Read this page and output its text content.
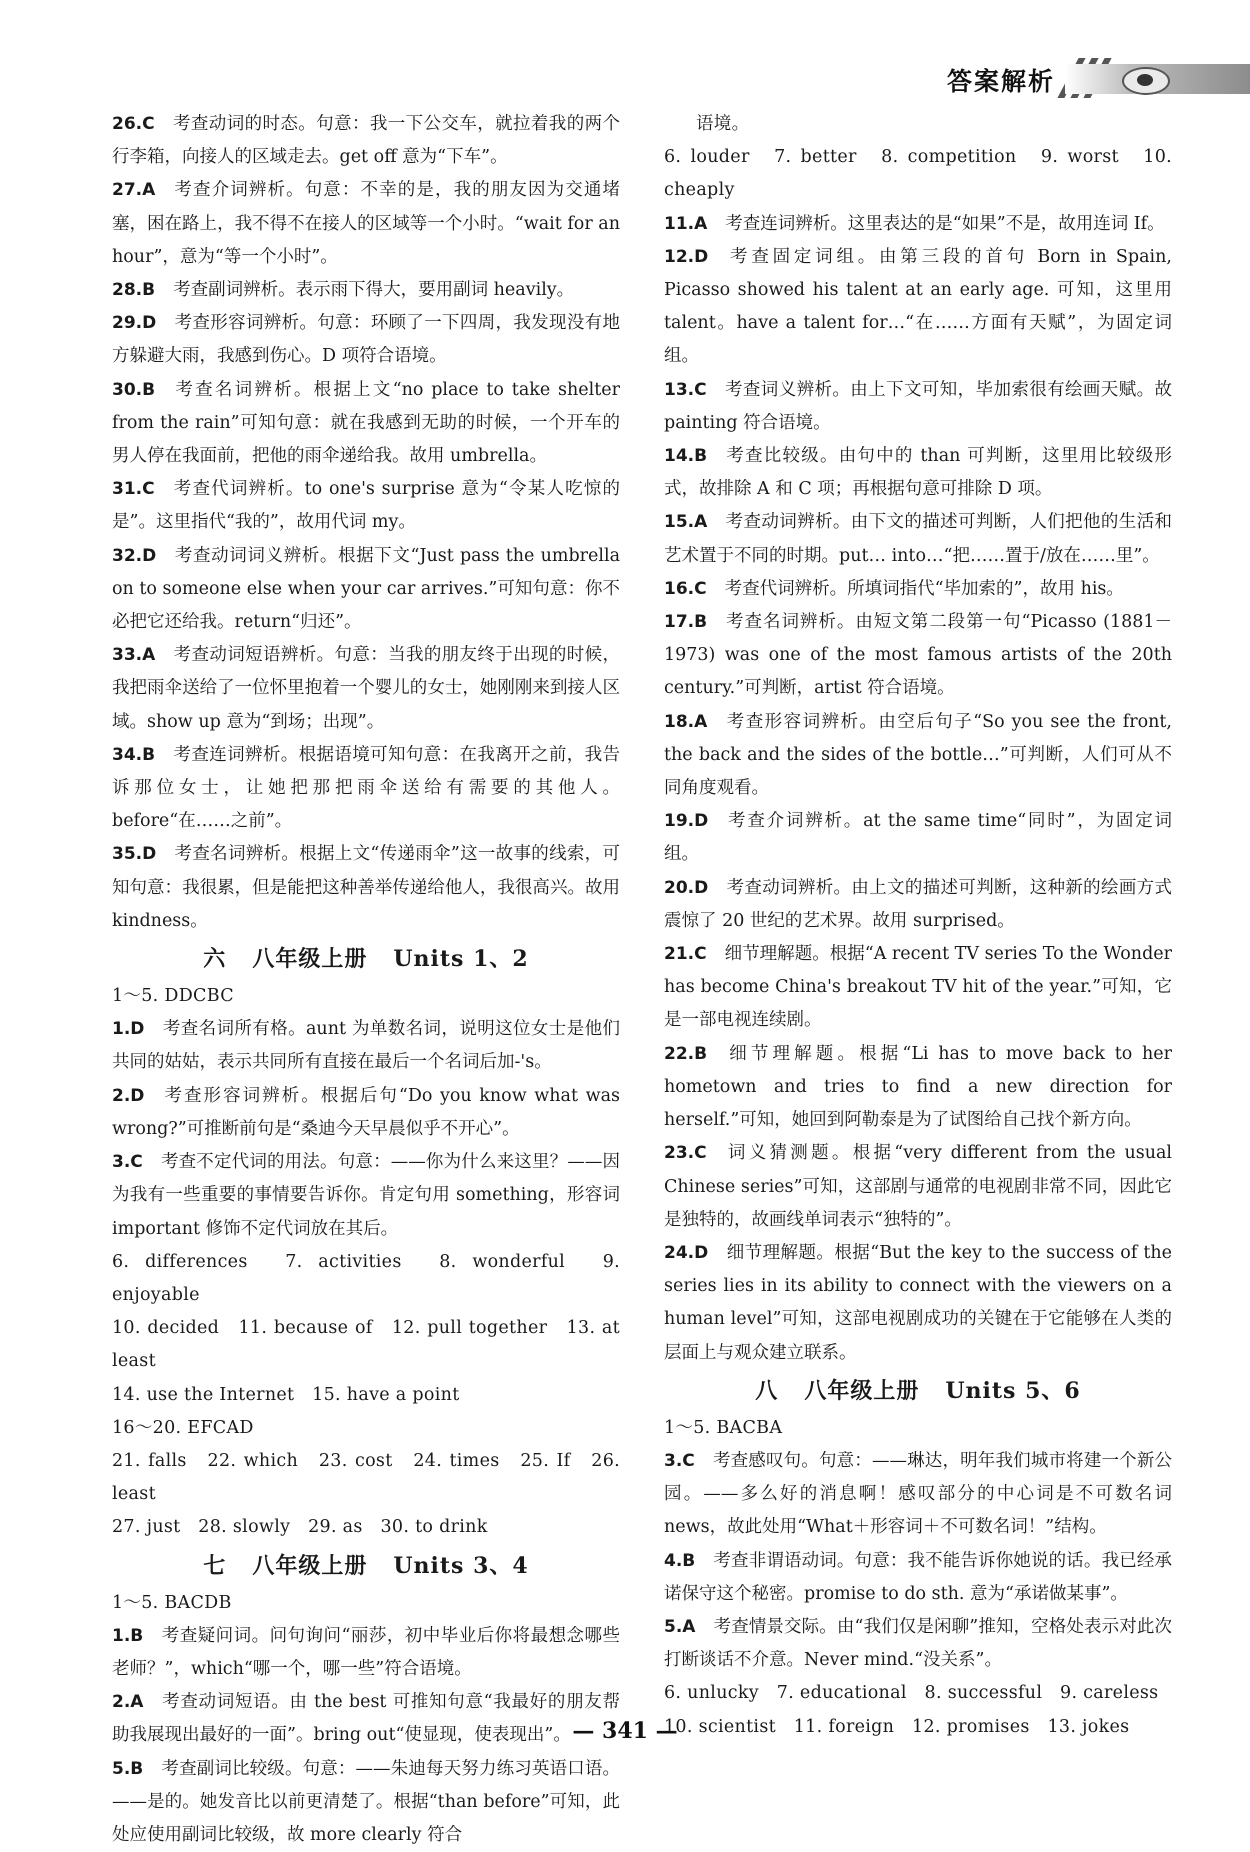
答案解析

26.C 考查动词的时态。句意：我一下公交车，就拉着我的两个行李箱，向接人的区域走去。get off 意为“下车”。

27.A 考查介词辨析。句意：不幸的是，我的朋友因为交通堵塞，困在路上，我不得不在接人的区域等一个小时。“wait for an hour”，意为“等一个小时”。

28.B 考查副词辨析。表示雨下得大，要用副词 heavily。

29.D 考查形容词辨析。句意：环顾了一下四周，我发现没有地方躲避大雨，我感到伤心。D 项符合语境。

30.B 考查名词辨析。根据上文“no place to take shelter from the rain”可知句意：就在我感到无助的时候，一个开车的男人停在我面前，把他的雨伞递给我。故用 umbrella。

31.C 考查代词辨析。to one's surprise 意为“令某人吃惊的是”。这里指代“我的”，故用代词 my。

32.D 考查动词词义辨析。根据下文“Just pass the umbrella on to someone else when your car arrives.”可知句意：你不必把它还给我。return“归还”。

33.A 考查动词短语辨析。句意：当我的朋友终于出现的时候，我把雨伞送给了一位怀里抱着一个婴儿的女士，她刚刚来到接人区域。show up 意为“到场；出现”。

34.B 考查连词辨析。根据语境可知句意：在我离开之前，我告诉那位女士，让她把那把雨伞送给有需要的其他人。before“在……之前”。

35.D 考查名词辨析。根据上文“传递雨伞”这一故事的线索，可知句意：我很累，但是能把这种善举传递给他人，我很高兴。故用 kindness。

六 八年级上册 Units 1、2

1～5. DDCBC

1.D 考查名词所有格。aunt 为单数名词，说明这位女士是他们共同的姑姑，表示共同所有直接在最后一个名词后加-'s。

2.D 考查形容词辨析。根据后句“Do you know what was wrong?”可推断前句是“桑迪今天早晨似乎不开心”。

3.C 考查不定代词的用法。句意：——你为什么来这里？——因为我有一些重要的事情要告诉你。肯定句用 something，形容词 important 修饰不定代词放在其后。

6. differences　7. activities　8. wonderful　9. enjoyable

10. decided　11. because of　12. pull together　13. at least

14. use the Internet　15. have a point

16～20. EFCAD

21. falls　22. which　23. cost　24. times　25. If　26. least

27. just　28. slowly　29. as　30. to drink

七 八年级上册 Units 3、4

1～5. BACDB

1.B 考查疑问词。问句询问“丽莎，初中毕业后你将最想念哪些老师？”，which“哪一个，哪一些”符合语境。

2.A 考查动词短语。由 the best 可推知句意“我最好的朋友帮助我展现出最好的一面”。bring out“使显现，使表现出”。

5.B 考查副词比较级。句意：——朱迪每天努力练习英语口语。——是的。她发音比以前更清楚了。根据“than before”可知，此处应使用副词比较级，故 more clearly 符合

语境。

6. louder　7. better　8. competition　9. worst　10. cheaply

11.A 考查连词辨析。这里表达的是“如果”不是，故用连词 If。

12.D 考查固定词组。由第三段的首句 Born in Spain, Picasso showed his talent at an early age. 可知，这里用 talent。have a talent for…“在……方面有天赋”，为固定词组。

13.C 考查词义辨析。由上下文可知，毕加索很有绘画天赋。故 painting 符合语境。

14.B 考查比较级。由句中的 than 可判断，这里用比较级形式，故排除 A 和 C 项；再根据句意可排除 D 项。

15.A 考查动词辨析。由下文的描述可判断，人们把他的生活和艺术置于不同的时期。put… into…“把……置于/放在……里”。

16.C 考查代词辨析。所填词指代“毕加索的”，故用 his。

17.B 考查名词辨析。由短文第二段第一句“Picasso (1881－1973) was one of the most famous artists of the 20th century.”可判断，artist 符合语境。

18.A 考查形容词辨析。由空后句子“So you see the front, the back and the sides of the bottle…”可判断，人们可从不同角度观看。

19.D 考查介词辨析。at the same time“同时”，为固定词组。

20.D 考查动词辨析。由上文的描述可判断，这种新的绘画方式震惊了 20 世纪的艺术界。故用 surprised。

21.C 细节理解题。根据“A recent TV series To the Wonder has become China's breakout TV hit of the year.”可知，它是一部电视连续剧。

22.B 细节理解题。根据“Li has to move back to her hometown and tries to find a new direction for herself.”可知，她回到阿勒泰是为了试图给自己找个新方向。

23.C 词义猜测题。根据“very different from the usual Chinese series”可知，这部剧与通常的电视剧非常不同，因此它是独特的，故画线单词表示“独特的”。

24.D 细节理解题。根据“But the key to the success of the series lies in its ability to connect with the viewers on a human level”可知，这部电视剧成功的关键在于它能够在人类的层面上与观众建立联系。

八 八年级上册 Units 5、6

1～5. BACBA

3.C 考查感叹句。句意：——琳达，明年我们城市将建一个新公园。——多么好的消息啊！感叹部分的中心词是不可数名词 news，故此处用“What＋形容词＋不可数名词！”结构。

4.B 考查非谓语动词。句意：我不能告诉你她说的话。我已经承诺保守这个秘密。promise to do sth. 意为“承诺做某事”。

5.A 考查情景交际。由“我们仅是闲聊”推知，空格处表示对此次打断谈话不介意。Never mind.“没关系”。

6. unlucky　7. educational　8. successful　9. careless

10. scientist　11. foreign　12. promises　13. jokes

— 341 —
